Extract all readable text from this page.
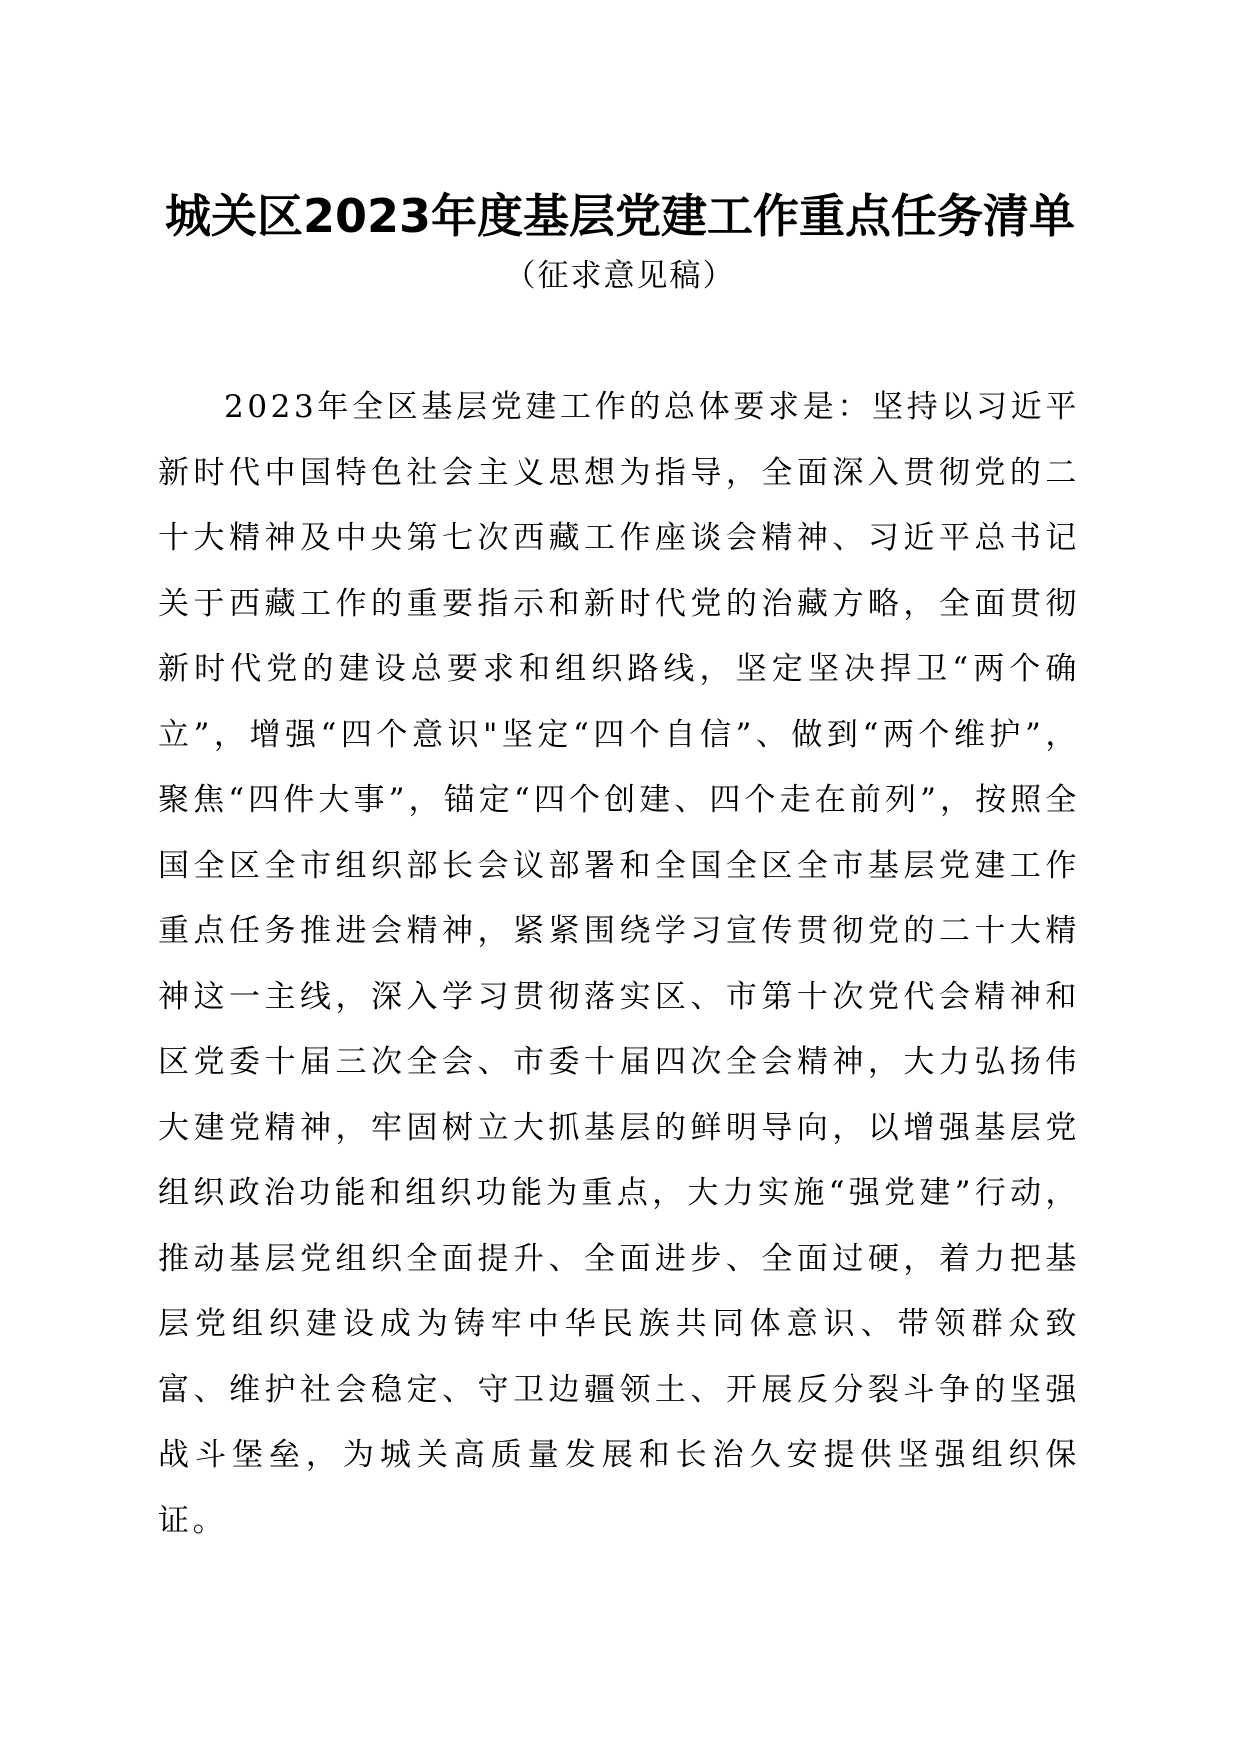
城关区2023年度基层党建工作重点任务清单

（征求意见稿）

2023年全区基层党建工作的总体要求是：坚持以习近平新时代中国特色社会主义思想为指导，全面深入贯彻党的二十大精神及中央第七次西藏工作座谈会精神、习近平总书记关于西藏工作的重要指示和新时代党的治藏方略，全面贯彻新时代党的建设总要求和组织路线，坚定坚决捍卫“两个确立”，增强“四个意识"坚定“四个自信”、做到“两个维护”，聚焦“四件大事”，锚定“四个创建、四个走在前列”，按照全国全区全市组织部长会议部署和全国全区全市基层党建工作重点任务推进会精神，紧紧围绕学习宣传贯彻党的二十大精神这一主线，深入学习贯彻落实区、市第十次党代会精神和区党委十届三次全会、市委十届四次全会精神，大力弘扬伟大建党精神，牢固树立大抓基层的鲜明导向，以增强基层党组织政治功能和组织功能为重点，大力实施“强党建”行动，推动基层党组织全面提升、全面进步、全面过硬，着力把基层党组织建设成为铸牢中华民族共同体意识、带领群众致富、维护社会稳定、守卫边疆领土、开展反分裂斗争的坚强战斗堡垒，为城关高质量发展和长治久安提供坚强组织保证。
